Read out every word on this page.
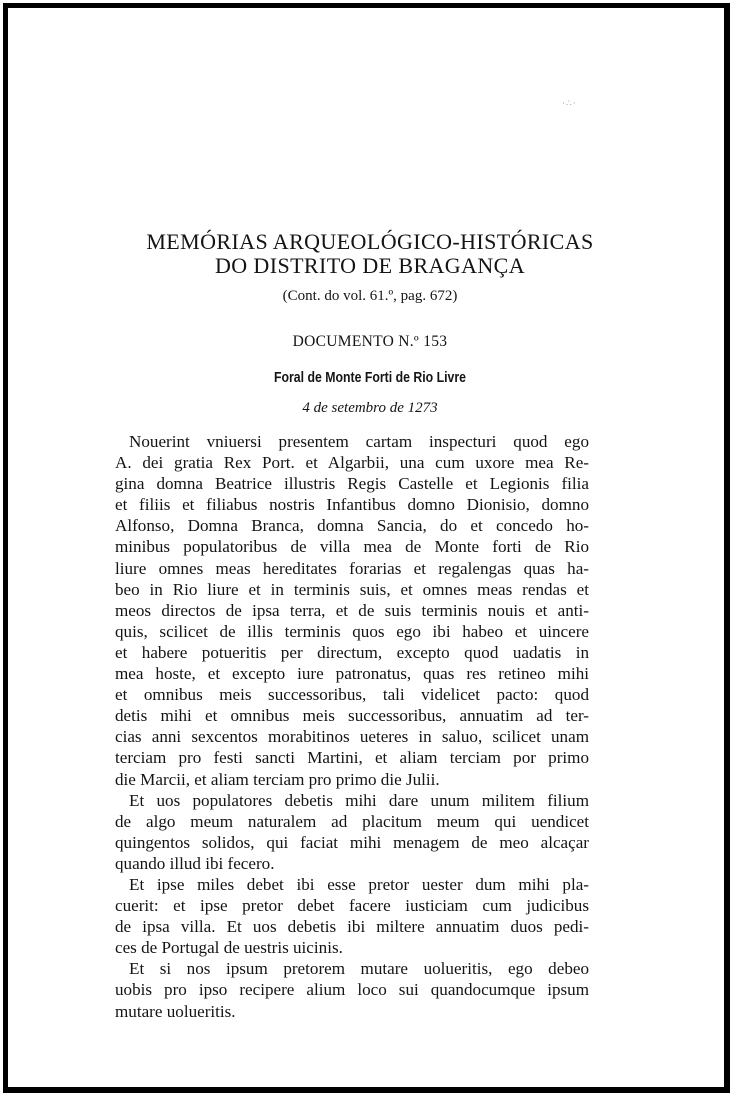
·∴·
MEMÓRIAS ARQUEOLÓGICO-HISTÓRICAS
DO DISTRITO DE BRAGANÇA
(Cont. do vol. 61.º, pag. 672)
DOCUMENTO N.º 153
Foral de Monte Forti de Rio Livre
4 de setembro de 1273
Nouerint vniuersi presentem cartam inspecturi quod ego
A. dei gratia Rex Port. et Algarbii, una cum uxore mea Re-
gina domna Beatrice illustris Regis Castelle et Legionis filia
et filiis et filiabus nostris Infantibus domno Dionisio, domno
Alfonso, Domna Branca, domna Sancia, do et concedo ho-
minibus populatoribus de villa mea de Monte forti de Rio
liure omnes meas hereditates forarias et regalengas quas ha-
beo in Rio liure et in terminis suis, et omnes meas rendas et
meos directos de ipsa terra, et de suis terminis nouis et anti-
quis, scilicet de illis terminis quos ego ibi habeo et uincere
et habere potueritis per directum, excepto quod uadatis in
mea hoste, et excepto iure patronatus, quas res retineo mihi
et omnibus meis successoribus, tali videlicet pacto: quod
detis mihi et omnibus meis successoribus, annuatim ad ter-
cias anni sexcentos morabitinos ueteres in saluo, scilicet unam
terciam pro festi sancti Martini, et aliam terciam por primo
die Marcii, et aliam terciam pro primo die Julii.
Et uos populatores debetis mihi dare unum militem filium
de algo meum naturalem ad placitum meum qui uendicet
quingentos solidos, qui faciat mihi menagem de meo alcaçar
quando illud ibi fecero.
Et ipse miles debet ibi esse pretor uester dum mihi pla-
cuerit: et ipse pretor debet facere iusticiam cum judicibus
de ipsa villa. Et uos debetis ibi miltere annuatim duos pedi-
ces de Portugal de uestris uicinis.
Et si nos ipsum pretorem mutare uolueritis, ego debeo
uobis pro ipso recipere alium loco sui quandocumque ipsum
mutare uolueritis.
